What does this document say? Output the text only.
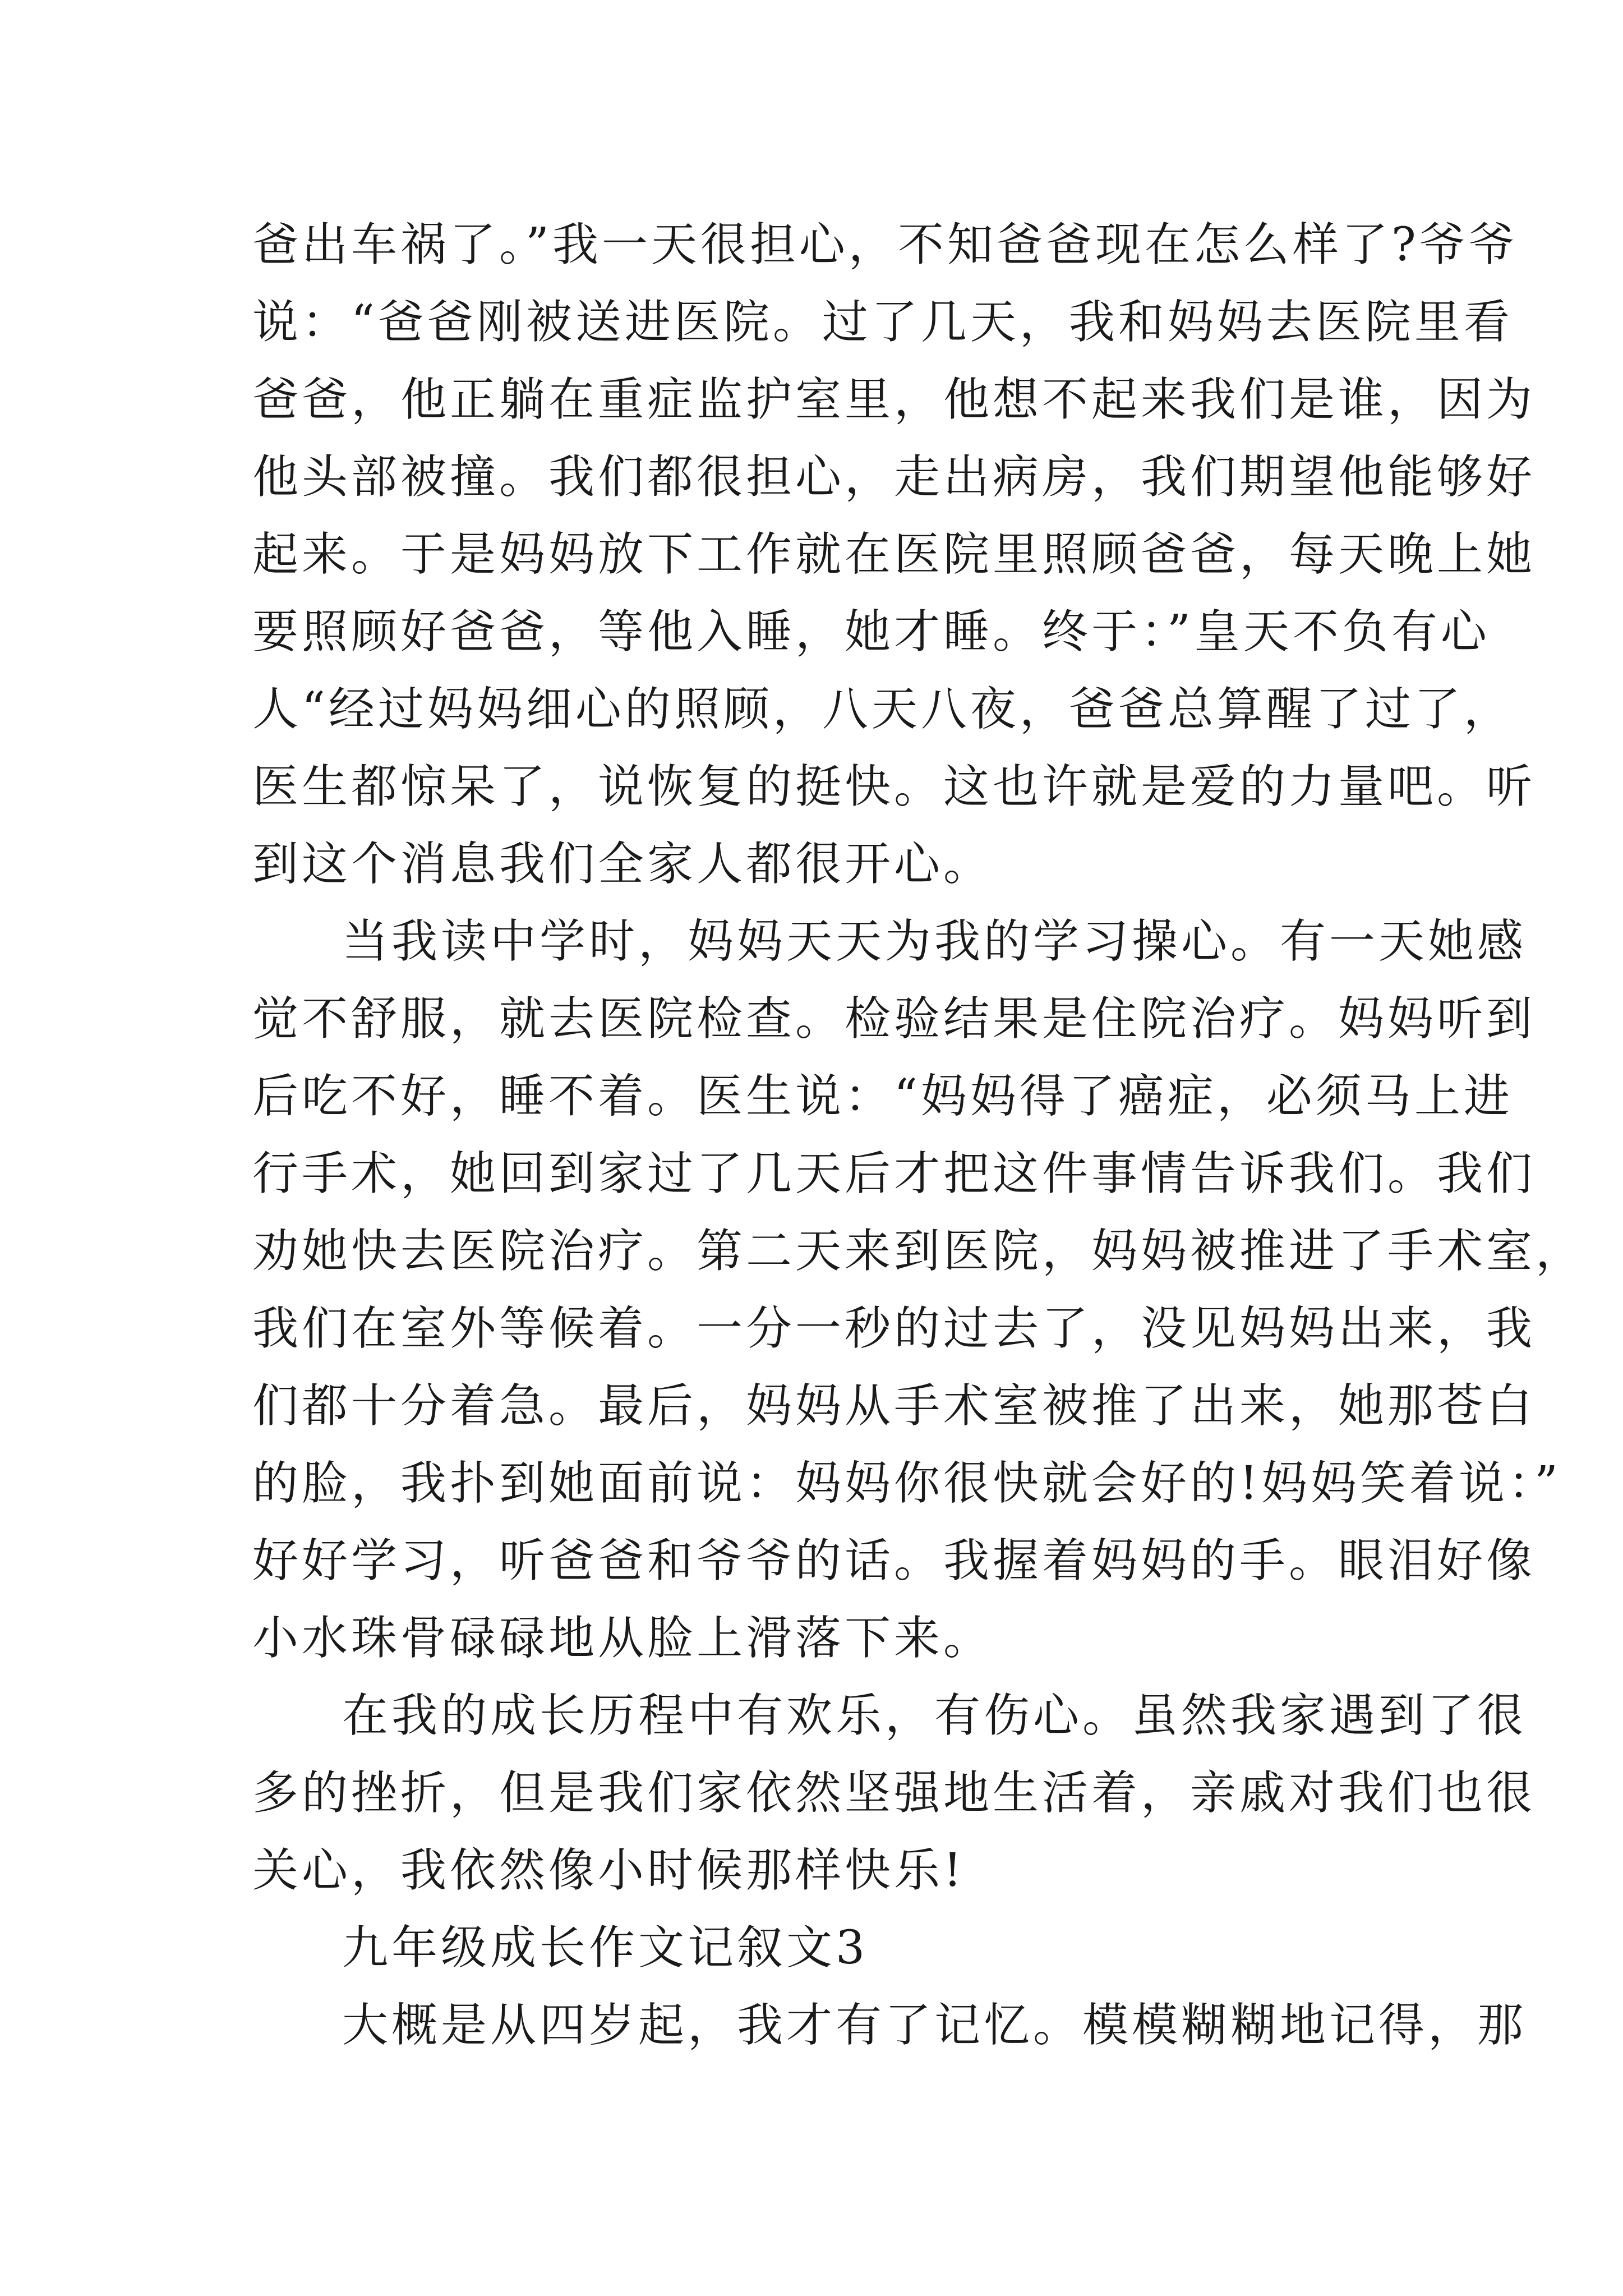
爸出车祸了。”我一天很担心，不知爸爸现在怎么样了?爷爷
说：“爸爸刚被送进医院。过了几天，我和妈妈去医院里看
爸爸，他正躺在重症监护室里，他想不起来我们是谁，因为
他头部被撞。我们都很担心，走出病房，我们期望他能够好
起来。于是妈妈放下工作就在医院里照顾爸爸，每天晚上她
要照顾好爸爸，等他入睡，她才睡。终于：”皇天不负有心
人“经过妈妈细心的照顾，八天八夜，爸爸总算醒了过了，
医生都惊呆了，说恢复的挺快。这也许就是爱的力量吧。听
到这个消息我们全家人都很开心。
当我读中学时，妈妈天天为我的学习操心。有一天她感
觉不舒服，就去医院检查。检验结果是住院治疗。妈妈听到
后吃不好，睡不着。医生说：“妈妈得了癌症，必须马上进
行手术，她回到家过了几天后才把这件事情告诉我们。我们
劝她快去医院治疗。第二天来到医院，妈妈被推进了手术室，
我们在室外等候着。一分一秒的过去了，没见妈妈出来，我
们都十分着急。最后，妈妈从手术室被推了出来，她那苍白
的脸，我扑到她面前说：妈妈你很快就会好的!妈妈笑着说：”
好好学习，听爸爸和爷爷的话。我握着妈妈的手。眼泪好像
小水珠骨碌碌地从脸上滑落下来。
在我的成长历程中有欢乐，有伤心。虽然我家遇到了很
多的挫折，但是我们家依然坚强地生活着，亲戚对我们也很
关心，我依然像小时候那样快乐!
九年级成长作文记叙文3
大概是从四岁起，我才有了记忆。模模糊糊地记得，那
